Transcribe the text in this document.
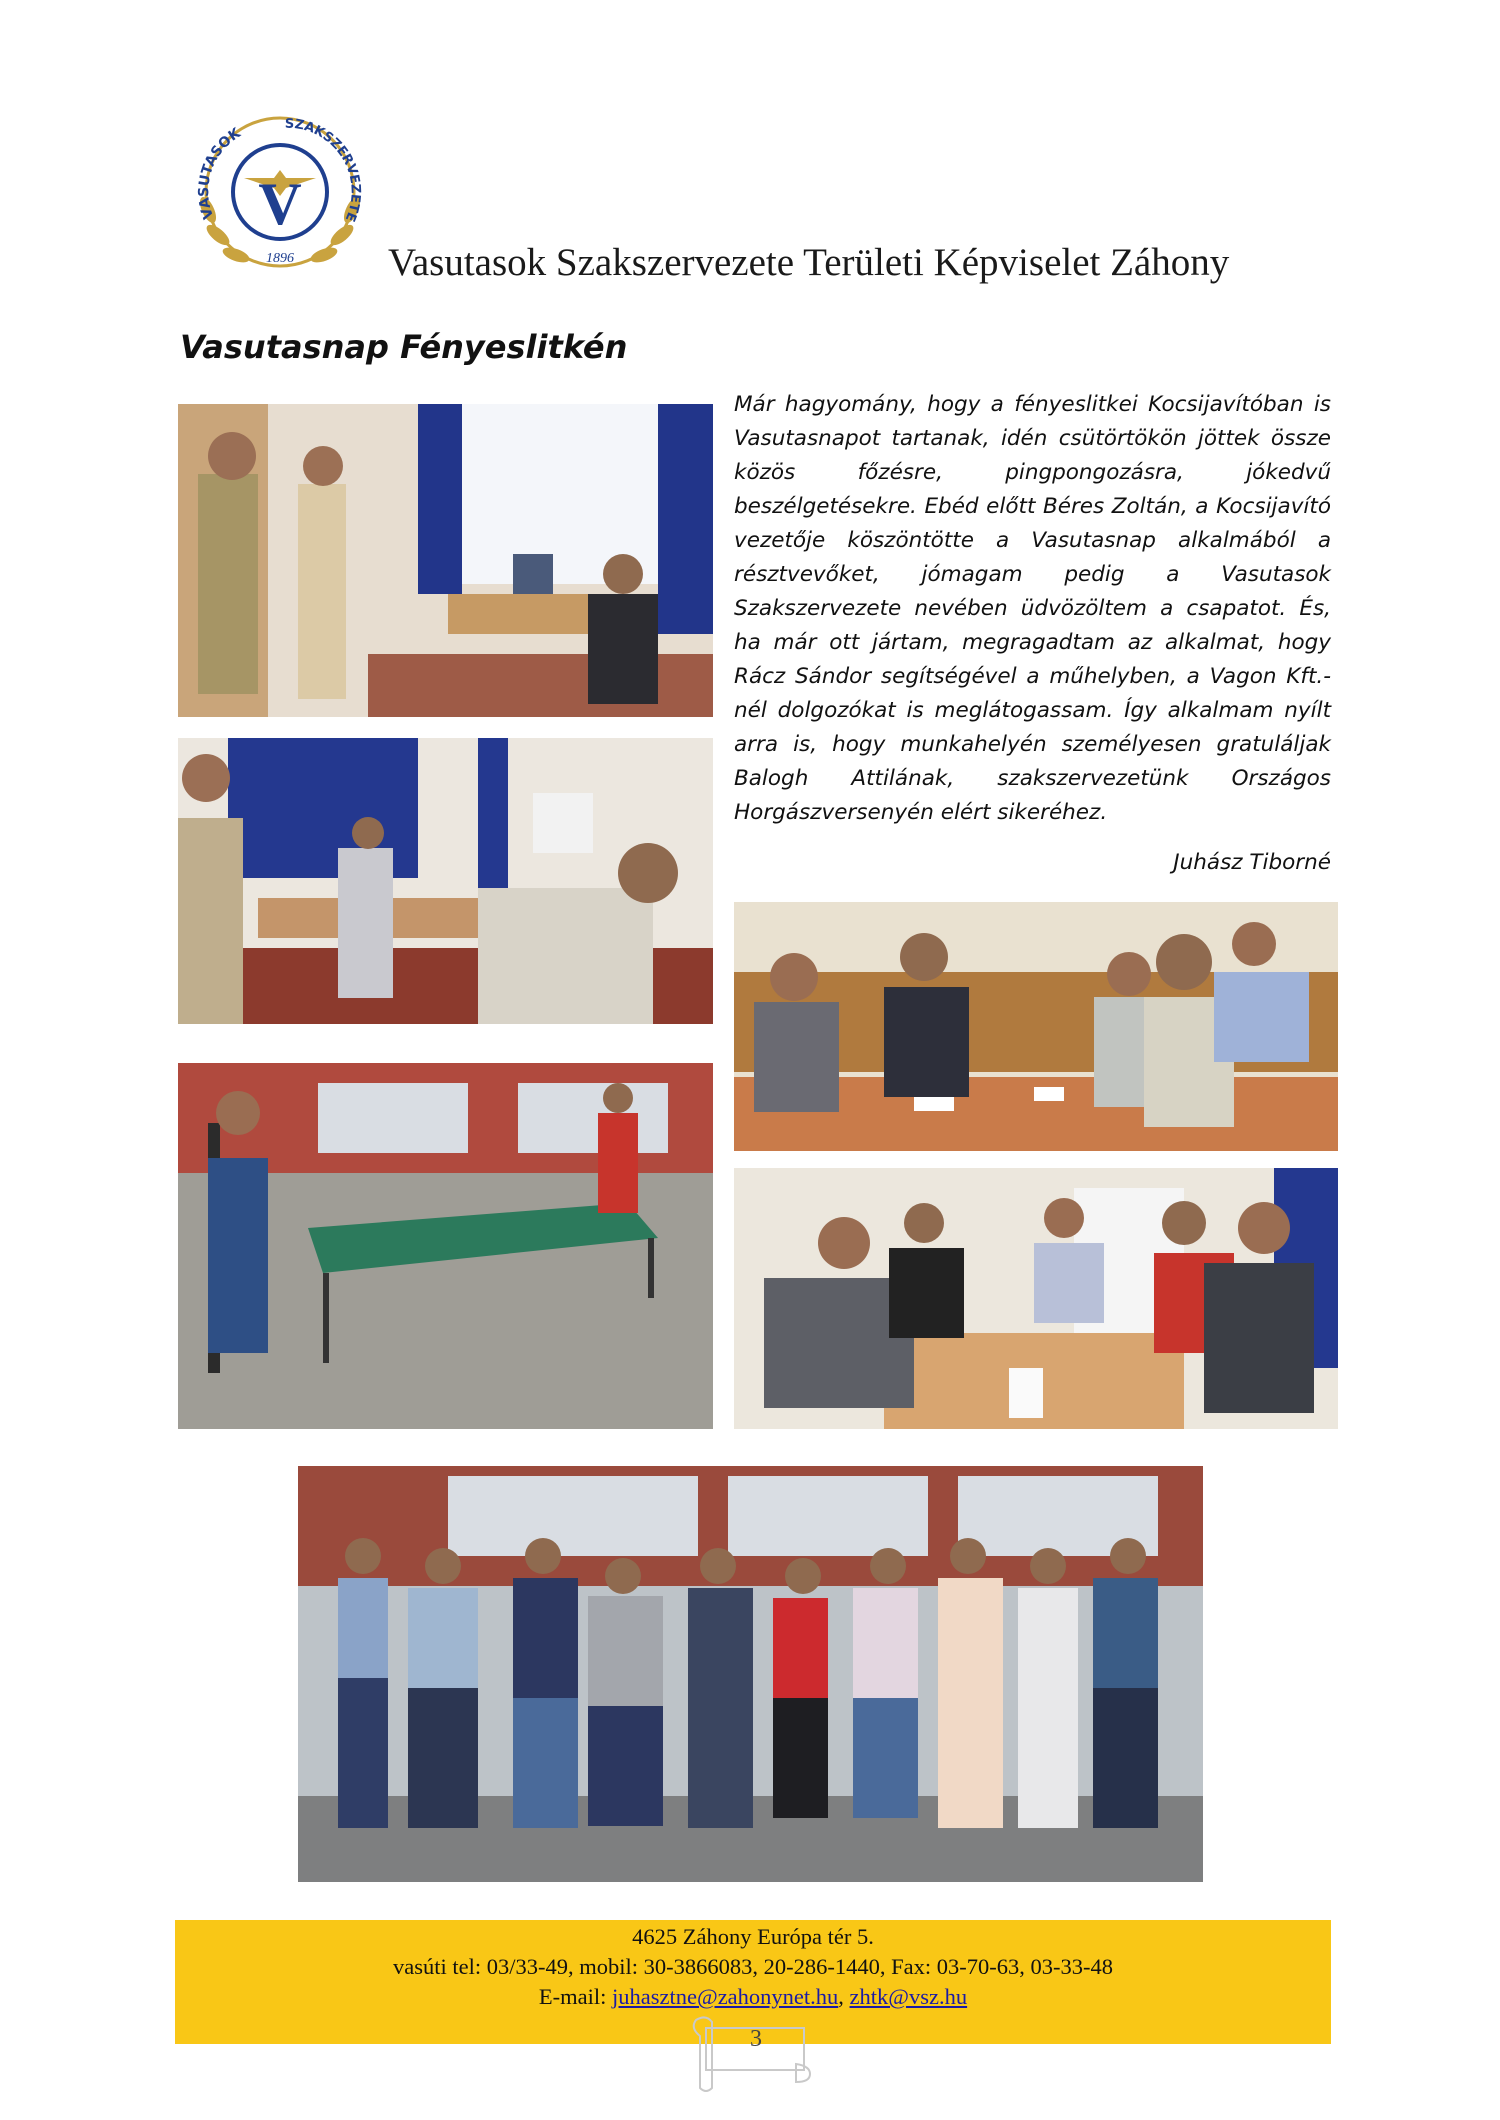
VASUTASOK
SZAKSZERVEZETE
V
1896 Vasutasok Szakszervezete Területi Képviselet Záhony
Vasutasnap Fényeslitkén

Már hagyomány, hogy a fényeslitkei Kocsijavítóban is Vasutasnapot tartanak, idén csütörtökön jöttek össze közös főzésre, pingpongozásra, jókedvű beszélgetésekre. Ebéd előtt Béres Zoltán, a Kocsijavító vezetője köszöntötte a Vasutasnap alkalmából a résztvevőket, jómagam pedig a Vasutasok Szakszervezete nevében üdvözöltem a csapatot. És, ha már ott jártam, megragadtam az alkalmat, hogy Rácz Sándor segítségével a műhelyben, a Vagon Kft.-nél dolgozókat is meglátogassam. Így alkalmam nyílt arra is, hogy munkahelyén személyesen gratuláljak Balogh Attilának, szakszervezetünk Országos Horgászversenyén elért sikeréhez.

Juhász Tiborné
4625 Záhony Európa tér 5.
vasúti tel: 03/33-49, mobil: 30-3866083, 20-286-1440, Fax: 03-70-63, 03-33-48
E-mail: juhasztne@zahonynet.hu, zhtk@vsz.hu
3
